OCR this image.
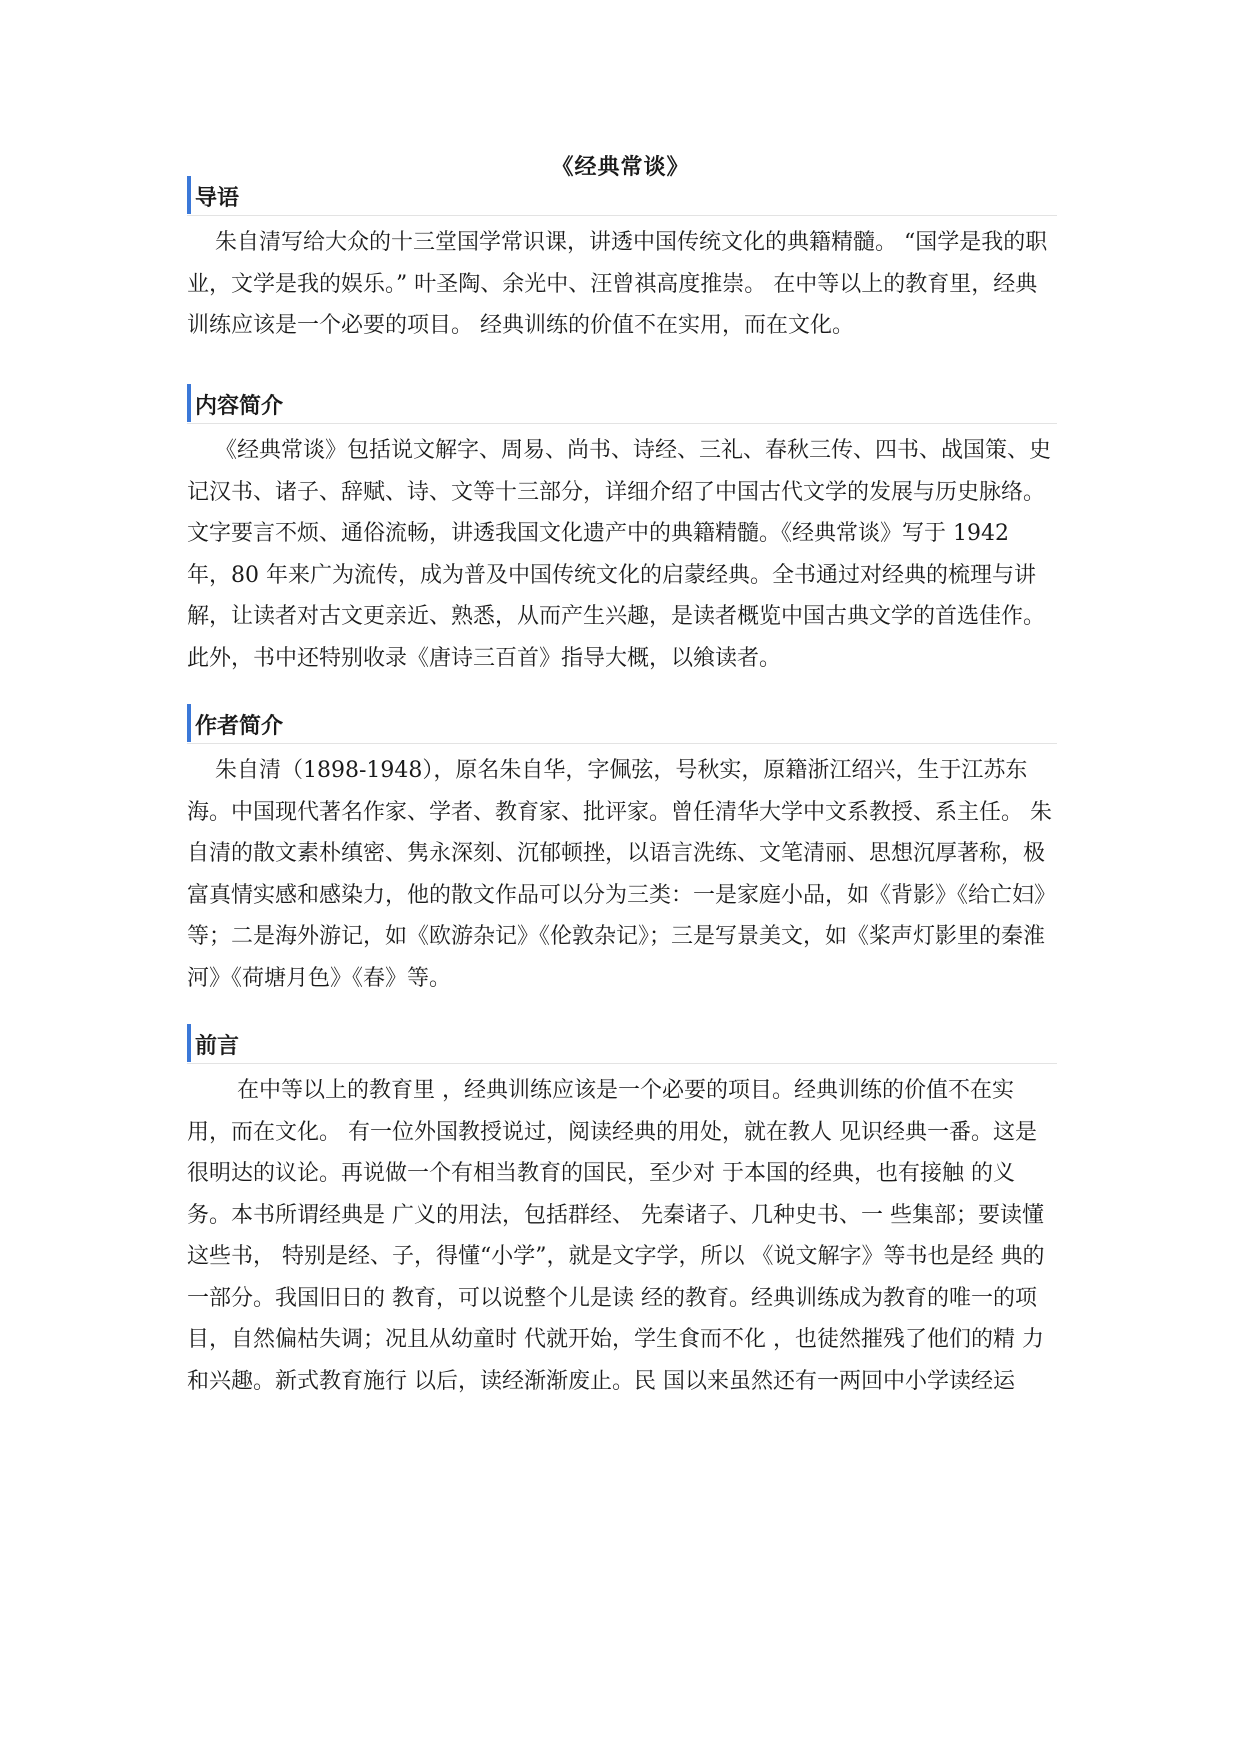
《经典常谈》
导语

朱自清写给大众的十三堂国学常识课，讲透中国传统文化的典籍精髓。 “国学是我的职业，文学是我的娱乐。” 叶圣陶、余光中、汪曾祺高度推崇。 在中等以上的教育里，经典训练应该是一个必要的项目。 经典训练的价值不在实用，而在文化。

内容简介

《经典常谈》包括说文解字、周易、尚书、诗经、三礼、春秋三传、四书、战国策、史记汉书、诸子、辞赋、诗、文等十三部分，详细介绍了中国古代文学的发展与历史脉络。文字要言不烦、通俗流畅，讲透我国文化遗产中的典籍精髓。《经典常谈》写于 1942 年，80 年来广为流传，成为普及中国传统文化的启蒙经典。全书通过对经典的梳理与讲解，让读者对古文更亲近、熟悉，从而产生兴趣，是读者概览中国古典文学的首选佳作。此外，书中还特别收录《唐诗三百首》指导大概，以飨读者。

作者简介

朱自清（1898-1948），原名朱自华，字佩弦，号秋实，原籍浙江绍兴，生于江苏东海。中国现代著名作家、学者、教育家、批评家。曾任清华大学中文系教授、系主任。 朱自清的散文素朴缜密、隽永深刻、沉郁顿挫，以语言洗练、文笔清丽、思想沉厚著称，极富真情实感和感染力，他的散文作品可以分为三类：一是家庭小品，如《背影》《给亡妇》等；二是海外游记，如《欧游杂记》《伦敦杂记》；三是写景美文，如《桨声灯影里的秦淮河》《荷塘月色》《春》等。

前言

在中等以上的教育里 ，经典训练应该是一个必要的项目。经典训练的价值不在实用，而在文化。 有一位外国教授说过，阅读经典的用处，就在教人 见识经典一番。这是很明达的议论。再说做一个有相当教育的国民，至少对 于本国的经典，也有接触 的义务。本书所谓经典是 广义的用法，包括群经、 先秦诸子、几种史书、一 些集部；要读懂这些书， 特别是经、子，得懂“小学”，就是文字学，所以 《说文解字》等书也是经 典的一部分。我国旧日的 教育，可以说整个儿是读 经的教育。经典训练成为教育的唯一的项目，自然偏枯失调；况且从幼童时 代就开始，学生食而不化 ，也徒然摧残了他们的精 力和兴趣。新式教育施行 以后，读经渐渐废止。民 国以来虽然还有一两回中小学读经运
